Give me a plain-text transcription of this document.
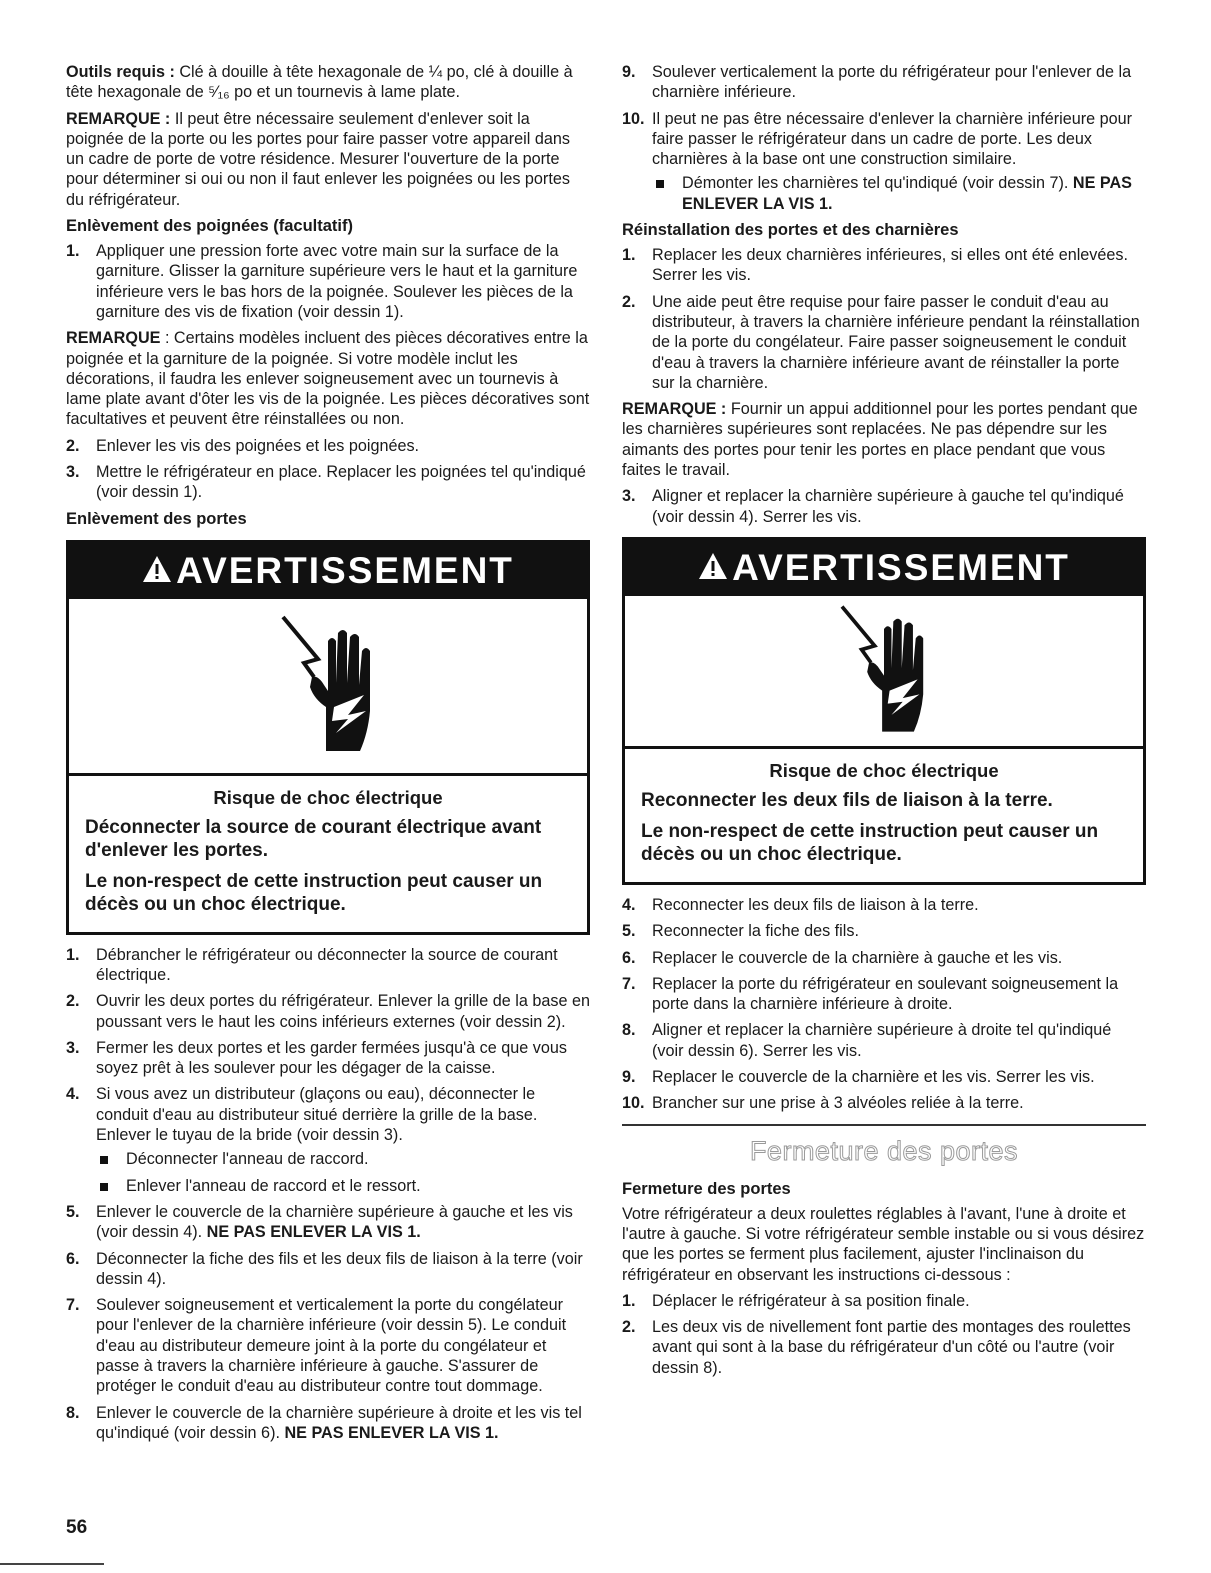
Outils requis : Clé à douille à tête hexagonale de ¼ po, clé à douille à tête hexagonale de ⁵⁄₁₆ po et un tournevis à lame plate.

REMARQUE : Il peut être nécessaire seulement d'enlever soit la poignée de la porte ou les portes pour faire passer votre appareil dans un cadre de porte de votre résidence. Mesurer l'ouverture de la porte pour déterminer si oui ou non il faut enlever les poignées ou les portes du réfrigérateur.

Enlèvement des poignées (facultatif)
1. Appliquer une pression forte avec votre main sur la surface de la garniture. Glisser la garniture supérieure vers le haut et la garniture inférieure vers le bas hors de la poignée. Soulever les pièces de la garniture des vis de fixation (voir dessin 1).

REMARQUE : Certains modèles incluent des pièces décoratives entre la poignée et la garniture de la poignée. Si votre modèle inclut les décorations, il faudra les enlever soigneusement avec un tournevis à lame plate avant d'ôter les vis de la poignée. Les pièces décoratives sont facultatives et peuvent être réinstallées ou non.

2. Enlever les vis des poignées et les poignées.
3. Mettre le réfrigérateur en place. Replacer les poignées tel qu'indiqué (voir dessin 1).
Enlèvement des portes
AVERTISSEMENT
Risque de choc électrique
Déconnecter la source de courant électrique avant d'enlever les portes.
Le non-respect de cette instruction peut causer un décès ou un choc électrique.
1. Débrancher le réfrigérateur ou déconnecter la source de courant électrique.
2. Ouvrir les deux portes du réfrigérateur. Enlever la grille de la base en poussant vers le haut les coins inférieurs externes (voir dessin 2).
3. Fermer les deux portes et les garder fermées jusqu'à ce que vous soyez prêt à les soulever pour les dégager de la caisse.
4. Si vous avez un distributeur (glaçons ou eau), déconnecter le conduit d'eau au distributeur situé derrière la grille de la base. Enlever le tuyau de la bride (voir dessin 3).
Déconnecter l'anneau de raccord.
Enlever l'anneau de raccord et le ressort.
5. Enlever le couvercle de la charnière supérieure à gauche et les vis (voir dessin 4). NE PAS ENLEVER LA VIS 1.
6. Déconnecter la fiche des fils et les deux fils de liaison à la terre (voir dessin 4).
7. Soulever soigneusement et verticalement la porte du congélateur pour l'enlever de la charnière inférieure (voir dessin 5). Le conduit d'eau au distributeur demeure joint à la porte du congélateur et passe à travers la charnière inférieure à gauche. S'assurer de protéger le conduit d'eau au distributeur contre tout dommage.
8. Enlever le couvercle de la charnière supérieure à droite et les vis tel qu'indiqué (voir dessin 6). NE PAS ENLEVER LA VIS 1.
9. Soulever verticalement la porte du réfrigérateur pour l'enlever de la charnière inférieure.
10. Il peut ne pas être nécessaire d'enlever la charnière inférieure pour faire passer le réfrigérateur dans un cadre de porte. Les deux charnières à la base ont une construction similaire.
Démonter les charnières tel qu'indiqué (voir dessin 7). NE PAS ENLEVER LA VIS 1.
Réinstallation des portes et des charnières
1. Replacer les deux charnières inférieures, si elles ont été enlevées. Serrer les vis.
2. Une aide peut être requise pour faire passer le conduit d'eau au distributeur, à travers la charnière inférieure pendant la réinstallation de la porte du congélateur. Faire passer soigneusement le conduit d'eau à travers la charnière inférieure avant de réinstaller la porte sur la charnière.

REMARQUE : Fournir un appui additionnel pour les portes pendant que les charnières supérieures sont replacées. Ne pas dépendre sur les aimants des portes pour tenir les portes en place pendant que vous faites le travail.

3. Aligner et replacer la charnière supérieure à gauche tel qu'indiqué (voir dessin 4). Serrer les vis.
AVERTISSEMENT
Risque de choc électrique
Reconnecter les deux fils de liaison à la terre.
Le non-respect de cette instruction peut causer un décès ou un choc électrique.
4. Reconnecter les deux fils de liaison à la terre.
5. Reconnecter la fiche des fils.
6. Replacer le couvercle de la charnière à gauche et les vis.
7. Replacer la porte du réfrigérateur en soulevant soigneusement la porte dans la charnière inférieure à droite.
8. Aligner et replacer la charnière supérieure à droite tel qu'indiqué (voir dessin 6). Serrer les vis.
9. Replacer le couvercle de la charnière et les vis. Serrer les vis.
10. Brancher sur une prise à 3 alvéoles reliée à la terre.
Fermeture des portes
Fermeture des portes

Votre réfrigérateur a deux roulettes réglables à l'avant, l'une à droite et l'autre à gauche. Si votre réfrigérateur semble instable ou si vous désirez que les portes se ferment plus facilement, ajuster l'inclinaison du réfrigérateur en observant les instructions ci-dessous :

1. Déplacer le réfrigérateur à sa position finale.
2. Les deux vis de nivellement font partie des montages des roulettes avant qui sont à la base du réfrigérateur d'un côté ou l'autre (voir dessin 8).
56
